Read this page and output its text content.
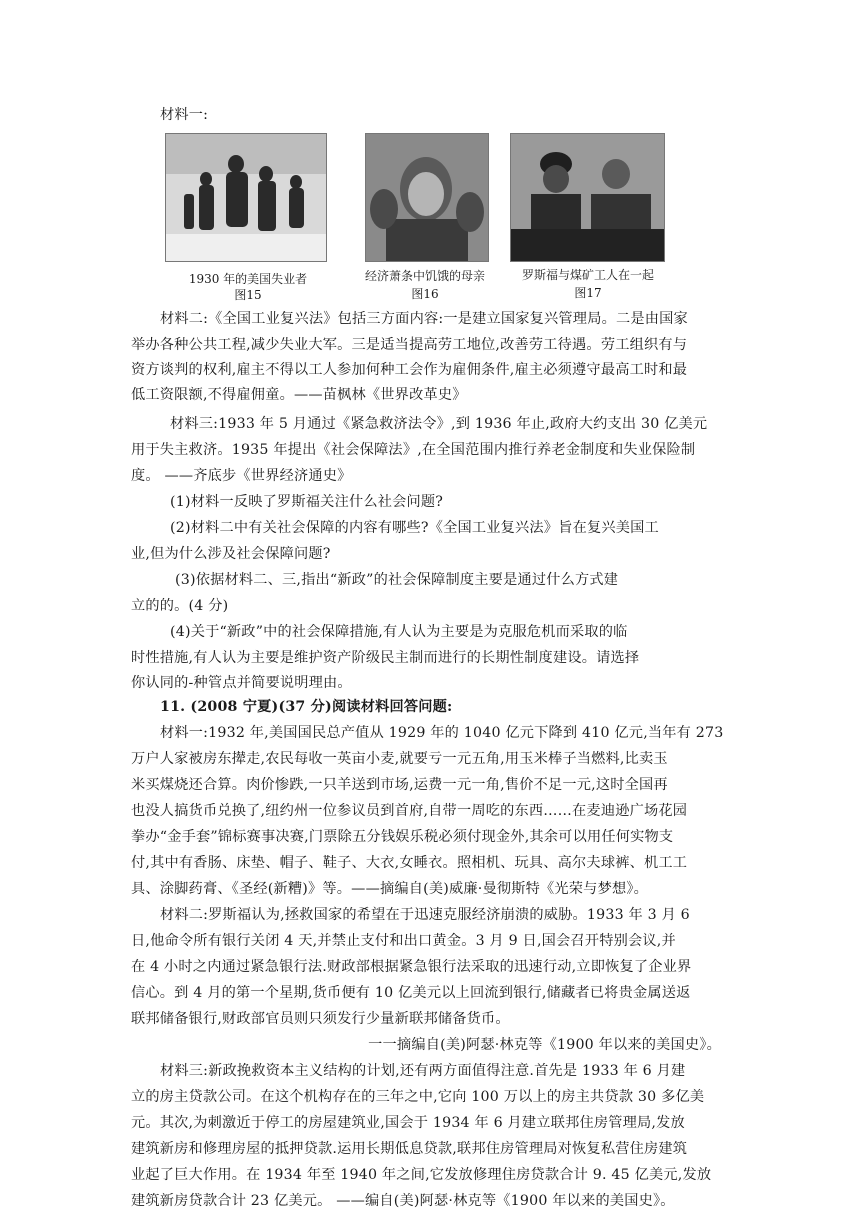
材料一:
1930 年的美国失业者
图15
经济萧条中饥饿的母亲
图16
罗斯福与煤矿工人在一起
图17
材料二:《全国工业复兴法》包括三方面内容:一是建立国家复兴管理局。二是由国家
举办各种公共工程,减少失业大军。三是适当提高劳工地位,改善劳工待遇。劳工组织有与
资方谈判的权利,雇主不得以工人参加何种工会作为雇佣条件,雇主必须遵守最高工时和最
低工资限额,不得雇佣童。——苗枫林《世界改革史》
材料三:1933 年 5 月通过《紧急救济法令》,到 1936 年止,政府大约支出 30 亿美元
用于失主救济。1935 年提出《社会保障法》,在全国范围内推行养老金制度和失业保险制
度。 ——齐底步《世界经济通史》
(1)材料一反映了罗斯福关注什么社会问题?
(2)材料二中有关社会保障的内容有哪些?《全国工业复兴法》旨在复兴美国工
业,但为什么涉及社会保障问题?
(3)依据材料二、三,指出“新政”的社会保障制度主要是通过什么方式建
立的的。(4 分)
(4)关于“新政”中的社会保障措施,有人认为主要是为克服危机而采取的临
时性措施,有人认为主要是维护资产阶级民主制而进行的长期性制度建设。请选择
你认同的-种管点并简要说明理由。
11. (2008 宁夏)(37 分)阅读材料回答问题:
材料一:1932 年,美国国民总产值从 1929 年的 1040 亿元下降到 410 亿元,当年有 273
万户人家被房东撵走,农民每收一英亩小麦,就要亏一元五角,用玉米棒子当燃料,比卖玉
米买煤烧还合算。肉价惨跌,一只羊送到市场,运费一元一角,售价不足一元,这时全国再
也没人搞货币兑换了,纽约州一位参议员到首府,自带一周吃的东西……在麦迪逊广场花园
拳办“金手套”锦标赛事决赛,门票除五分钱娱乐税必须付现金外,其余可以用任何实物支
付,其中有香肠、床垫、帽子、鞋子、大衣,女睡衣。照相机、玩具、高尔夫球裤、机工工
具、涂脚药膏、《圣经(新糟)》等。——摘编自(美)威廉·曼彻斯特《光荣与梦想》。
材料二:罗斯福认为,拯救国家的希望在于迅速克服经济崩溃的威胁。1933 年 3 月 6
日,他命令所有银行关闭 4 天,并禁止支付和出口黄金。3 月 9 日,国会召开特别会议,并
在 4 小时之内通过紧急银行法.财政部根据紧急银行法采取的迅速行动,立即恢复了企业界
信心。到 4 月的第一个星期,货币便有 10 亿美元以上回流到银行,储藏者已将贵金属送返
联邦储备银行,财政部官员则只须发行少量新联邦储备货币。
一一摘编自(美)阿瑟·林克等《1900 年以来的美国史》。
材料三:新政挽救资本主义结构的计划,还有两方面值得注意.首先是 1933 年 6 月建
立的房主贷款公司。在这个机构存在的三年之中,它向 100 万以上的房主共贷款 30 多亿美
元。其次,为刺激近于停工的房屋建筑业,国会于 1934 年 6 月建立联邦住房管理局,发放
建筑新房和修理房屋的抵押贷款.运用长期低息贷款,联邦住房管理局对恢复私营住房建筑
业起了巨大作用。在 1934 年至 1940 年之间,它发放修理住房贷款合计 9. 45 亿美元,发放
建筑新房贷款合计 23 亿美元。 ——编自(美)阿瑟·林克等《1900 年以来的美国史》。
